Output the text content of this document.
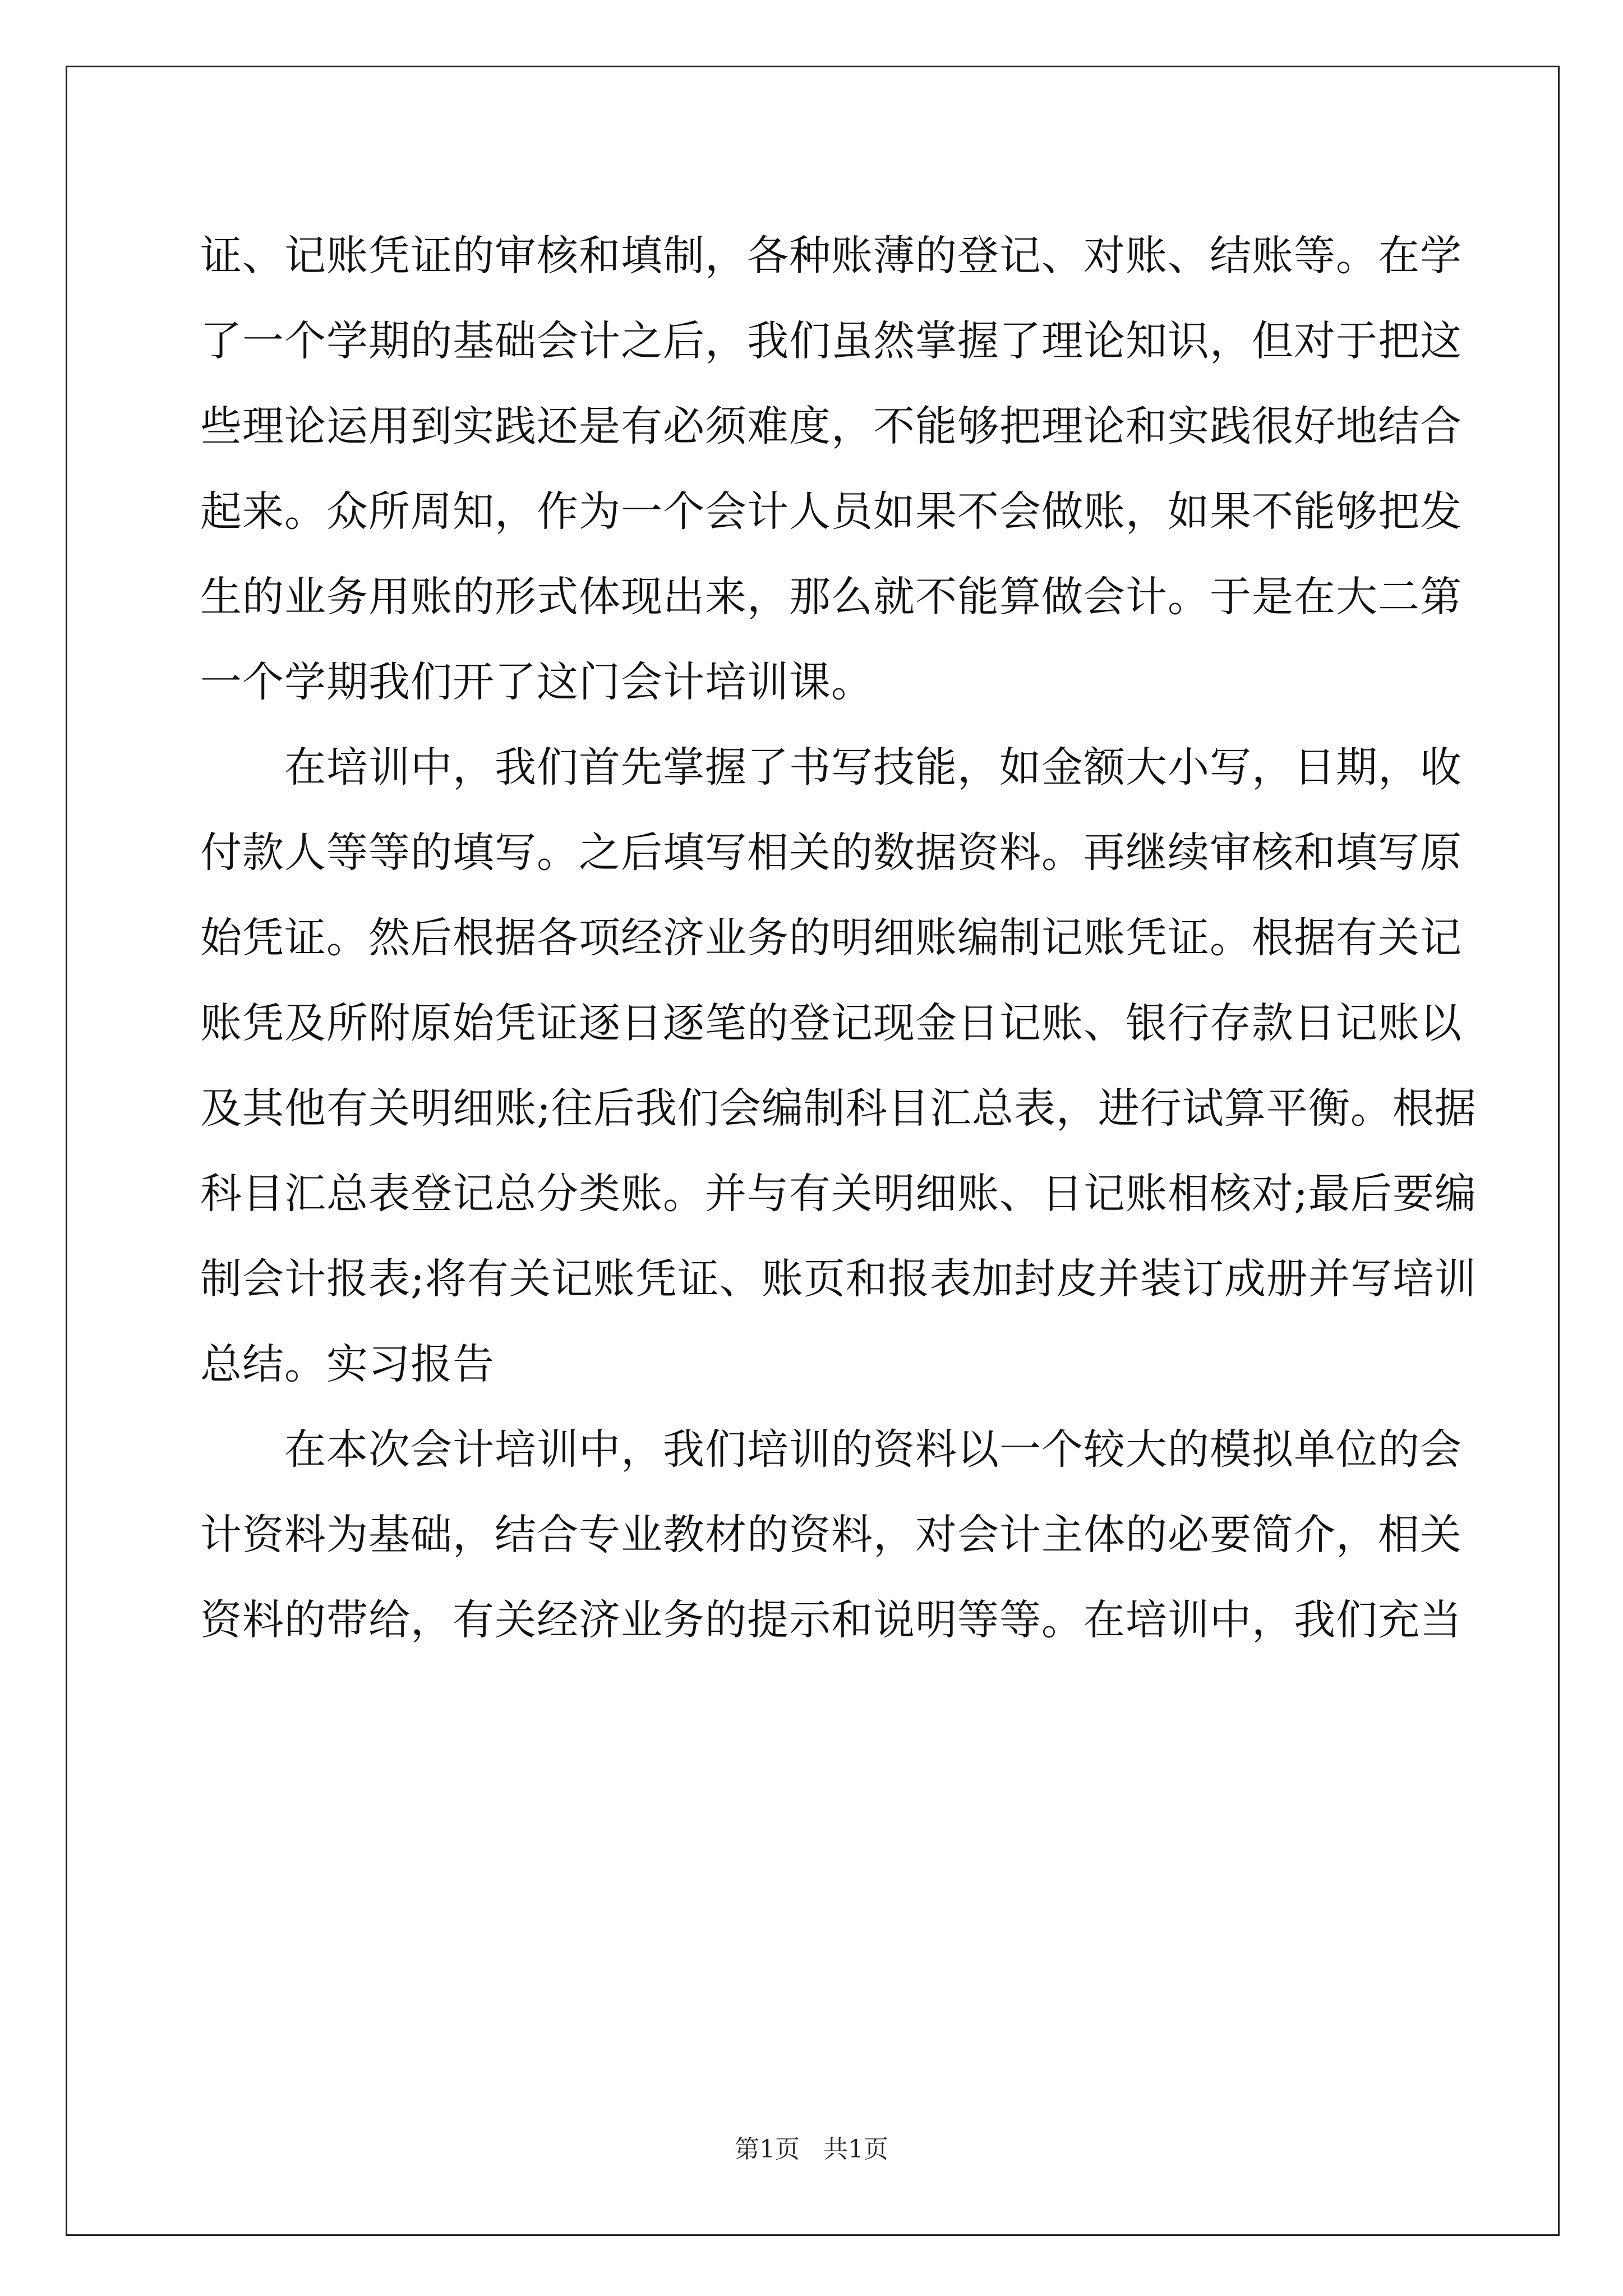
证、记账凭证的审核和填制，各种账薄的登记、对账、结账等。在学
了一个学期的基础会计之后，我们虽然掌握了理论知识，但对于把这
些理论运用到实践还是有必须难度，不能够把理论和实践很好地结合
起来。众所周知，作为一个会计人员如果不会做账，如果不能够把发
生的业务用账的形式体现出来，那么就不能算做会计。于是在大二第
一个学期我们开了这门会计培训课。
在培训中，我们首先掌握了书写技能，如金额大小写，日期，收
付款人等等的填写。之后填写相关的数据资料。再继续审核和填写原
始凭证。然后根据各项经济业务的明细账编制记账凭证。根据有关记
账凭及所附原始凭证逐日逐笔的登记现金日记账、银行存款日记账以
及其他有关明细账;往后我们会编制科目汇总表，进行试算平衡。根据
科目汇总表登记总分类账。并与有关明细账、日记账相核对;最后要编
制会计报表;将有关记账凭证、账页和报表加封皮并装订成册并写培训
总结。实习报告
在本次会计培训中，我们培训的资料以一个较大的模拟单位的会
计资料为基础，结合专业教材的资料，对会计主体的必要简介，相关
资料的带给，有关经济业务的提示和说明等等。在培训中，我们充当
第1页 共1页
